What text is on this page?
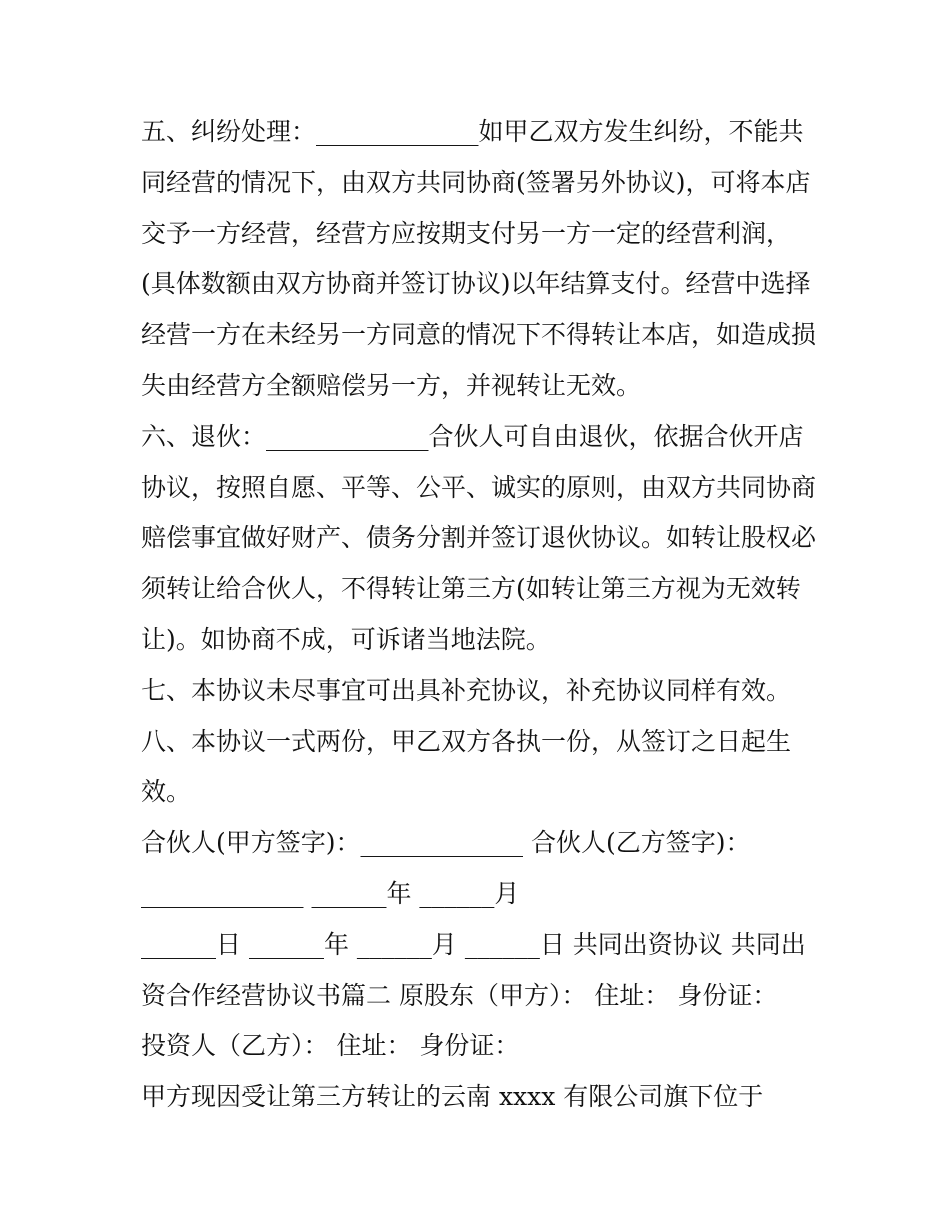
五、纠纷处理：_____________如甲乙双方发生纠纷，不能共
同经营的情况下，由双方共同协商(签署另外协议)，可将本店
交予一方经营，经营方应按期支付另一方一定的经营利润，
(具体数额由双方协商并签订协议)以年结算支付。经营中选择
经营一方在未经另一方同意的情况下不得转让本店，如造成损
失由经营方全额赔偿另一方，并视转让无效。
六、退伙：_____________合伙人可自由退伙，依据合伙开店
协议，按照自愿、平等、公平、诚实的原则，由双方共同协商
赔偿事宜做好财产、债务分割并签订退伙协议。如转让股权必
须转让给合伙人，不得转让第三方(如转让第三方视为无效转
让)。如协商不成，可诉诸当地法院。
七、本协议未尽事宜可出具补充协议，补充协议同样有效。
八、本协议一式两份，甲乙双方各执一份，从签订之日起生
效。
合伙人(甲方签字)：_____________ 合伙人(乙方签字)：
_____________ ______年 ______月
______日 ______年 ______月 ______日 共同出资协议 共同出
资合作经营协议书篇二 原股东（甲方）： 住址： 身份证：
投资人（乙方）： 住址： 身份证：
甲方现因受让第三方转让的云南 xxxx 有限公司旗下位于
